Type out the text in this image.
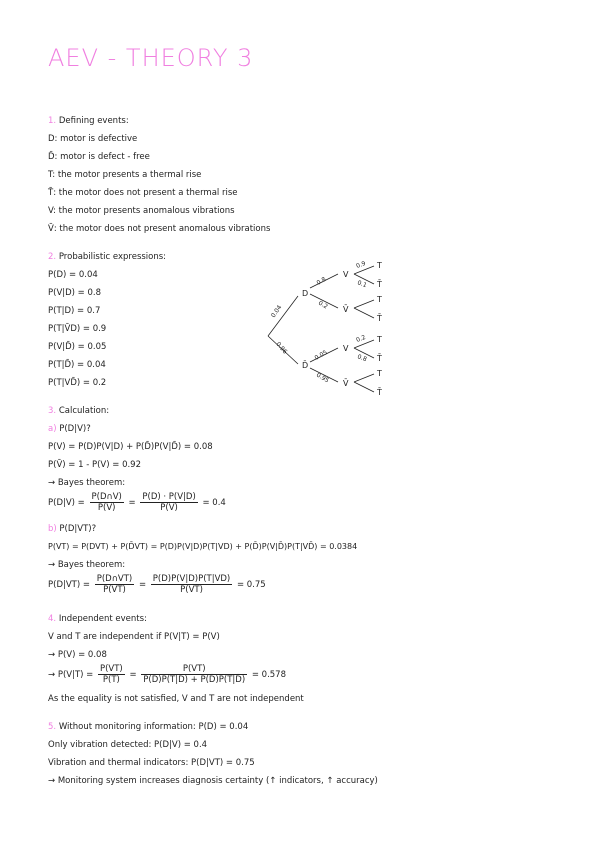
AEV - THEORY 3
1. Defining events:
D: motor is defective
D̄: motor is defect - free
T: the motor presents a thermal rise
T̄: the motor does not present a thermal rise
V: the motor presents anomalous vibrations
V̄: the motor does not present anomalous vibrations
2. Probabilistic expressions:
P(D) = 0.04
P(V|D) = 0.8
P(T|D) = 0.7
P(T|V̄D) = 0.9
P(V|D̄) = 0.05
P(T|D̄) = 0.04
P(T|VD̄) = 0.2
D
D̄
V
V̄
V
V̄
T
T̄
T
T̄
T
T̄
T
T̄
0.04
0.96
0.8
0.2
0.05
0.95
0.9
0.1
0.2
0.8
3. Calculation:
a) P(D|V)?
P(V) = P(D)P(V|D) + P(D̄)P(V|D̄) = 0.08
P(V̄) = 1 - P(V) = 0.92
→ Bayes theorem:
$P(D|V) = \frac{P(D\cap V)}{P(V)} = \frac{P(D) \cdot P(V|D)}{P(V)} = 0.4$
b) P(D|VT)?
P(VT) = P(DVT) + P(D̄VT) = P(D)P(V|D)P(T|VD) + P(D̄)P(V|D̄)P(T|VD̄) = 0.0384
→ Bayes theorem:
$P(D|VT) = \frac{P(D\cap VT)}{P(VT)} = \frac{P(D)P(V|D)P(T|VD)}{P(VT)} = 0.75$
4. Independent events:
V and T are independent if P(V|T) = P(V)
→ P(V) = 0.08
→ $P(V|T) = \frac{P(VT)}{P(T)} = \frac{P(VT)}{P(D)P(T|D) + P(D̄)P(T|D̄)} = 0.578$
As the equality is not satisfied, V and T are not independent
5. Without monitoring information: P(D) = 0.04
Only vibration detected: P(D|V) = 0.4
Vibration and thermal indicators: P(D|VT) = 0.75
→ Monitoring system increases diagnosis certainty (↑ indicators, ↑ accuracy)
